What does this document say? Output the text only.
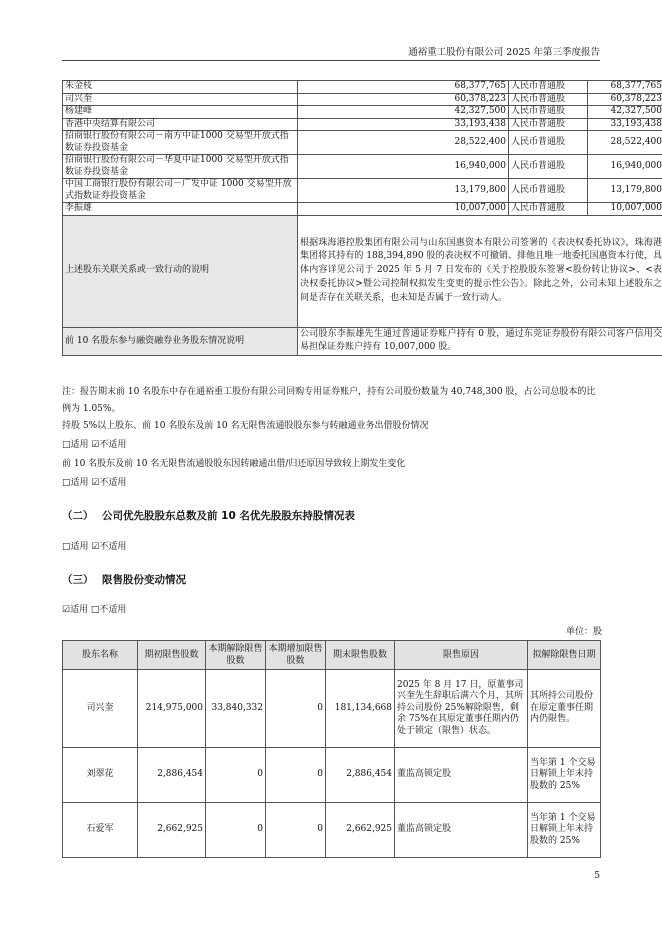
通裕重工股份有限公司 2025 年第三季度报告
朱金枝	68,377,765	人民币普通股	68,377,765
司兴奎	60,378,223	人民币普通股	60,378,223
杨建峰	42,327,500	人民币普通股	42,327,500
香港中央结算有限公司	33,193,438	人民币普通股	33,193,438
招商银行股份有限公司－南方中证1000 交易型开放式指数证券投资基金	28,522,400	人民币普通股	28,522,400
招商银行股份有限公司－华夏中证1000 交易型开放式指数证券投资基金	16,940,000	人民币普通股	16,940,000
中国工商银行股份有限公司－广发中证 1000 交易型开放式指数证券投资基金	13,179,800	人民币普通股	13,179,800
李振雄	10,007,000	人民币普通股	10,007,000
上述股东关联关系或一致行动的说明	根据珠海港控股集团有限公司与山东国惠资本有限公司签署的《表决权委托协议》，珠海港集团将其持有的 188,394,890 股的表决权不可撤销、排他且唯一地委托国惠资本行使，具体内容详见公司于 2025 年 5 月 7 日发布的《关于控股股东签署<股份转让协议>、<表决权委托协议>暨公司控制权拟发生变更的提示性公告》。除此之外，公司未知上述股东之间是否存在关联关系，也未知是否属于一致行动人。		
前 10 名股东参与融资融券业务股东情况说明	公司股东李振雄先生通过普通证券账户持有 0 股，通过东莞证券股份有限公司客户信用交易担保证券账户持有 10,007,000 股。		
注：报告期末前 10 名股东中存在通裕重工股份有限公司回购专用证券账户，持有公司股份数量为 40,748,300 股，占公司总股本的比例为 1.05%。
持股 5%以上股东、前 10 名股东及前 10 名无限售流通股股东参与转融通业务出借股份情况
□适用 ☑不适用
前 10 名股东及前 10 名无限售流通股股东因转融通出借/归还原因导致较上期发生变化
□适用 ☑不适用
（二） 公司优先股股东总数及前 10 名优先股股东持股情况表
□适用 ☑不适用
（三） 限售股份变动情况
☑适用 □不适用
单位：股
股东名称	期初限售股数	本期解除限售股数	本期增加限售股数	期末限售股数	限售原因	拟解除限售日期
司兴奎	214,975,000	33,840,332	0	181,134,668	2025 年 8 月 17 日，原董事司兴奎先生辞职后满六个月，其所持公司股份 25%解除限售，剩余 75%在其原定董事任期内仍处于锁定（限售）状态。	其所持公司股份在原定董事任期内仍限售。
刘翠花	2,886,454	0	0	2,886,454	董监高锁定股	当年第 1 个交易日解锁上年末持股数的 25%
石爱军	2,662,925	0	0	2,662,925	董监高锁定股	当年第 1 个交易日解锁上年末持股数的 25%
5
